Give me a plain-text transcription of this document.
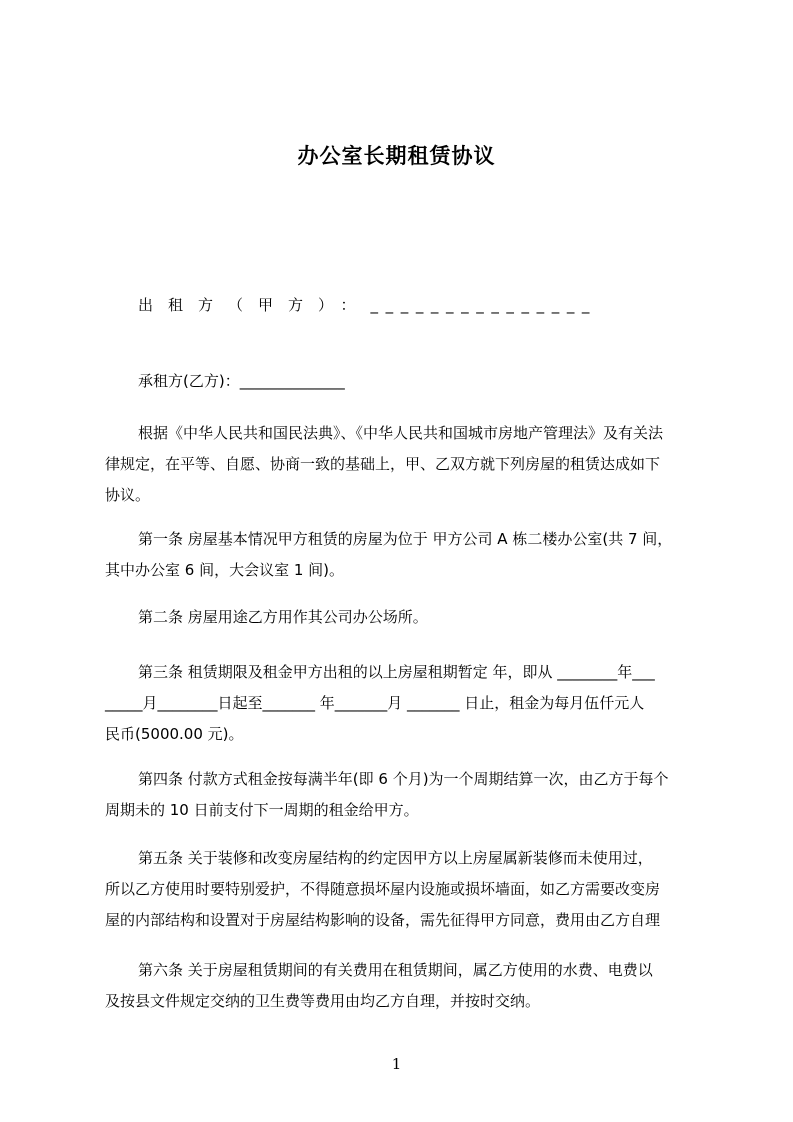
办公室长期租赁协议
出租方（甲方）：_______________
承租方(乙方)：______________
根据《中华人民共和国民法典》、《中华人民共和国城市房地产管理法》及有关法
律规定，在平等、自愿、协商一致的基础上，甲、乙双方就下列房屋的租赁达成如下
协议。
第一条 房屋基本情况甲方租赁的房屋为位于 甲方公司 A 栋二楼办公室(共 7 间，
其中办公室 6 间，大会议室 1 间)。
第二条 房屋用途乙方用作其公司办公场所。
第三条 租赁期限及租金甲方出租的以上房屋租期暂定 年，即从 ________年___
_____月________日起至_______ 年_______月 _______ 日止，租金为每月伍仟元人
民币(5000.00 元)。
第四条 付款方式租金按每满半年(即 6 个月)为一个周期结算一次，由乙方于每个
周期未的 10 日前支付下一周期的租金给甲方。
第五条 关于装修和改变房屋结构的约定因甲方以上房屋属新装修而未使用过，
所以乙方使用时要特别爱护，不得随意损坏屋内设施或损坏墙面，如乙方需要改变房
屋的内部结构和设置对于房屋结构影响的设备，需先征得甲方同意，费用由乙方自理
第六条 关于房屋租赁期间的有关费用在租赁期间，属乙方使用的水费、电费以
及按县文件规定交纳的卫生费等费用由均乙方自理，并按时交纳。
1
